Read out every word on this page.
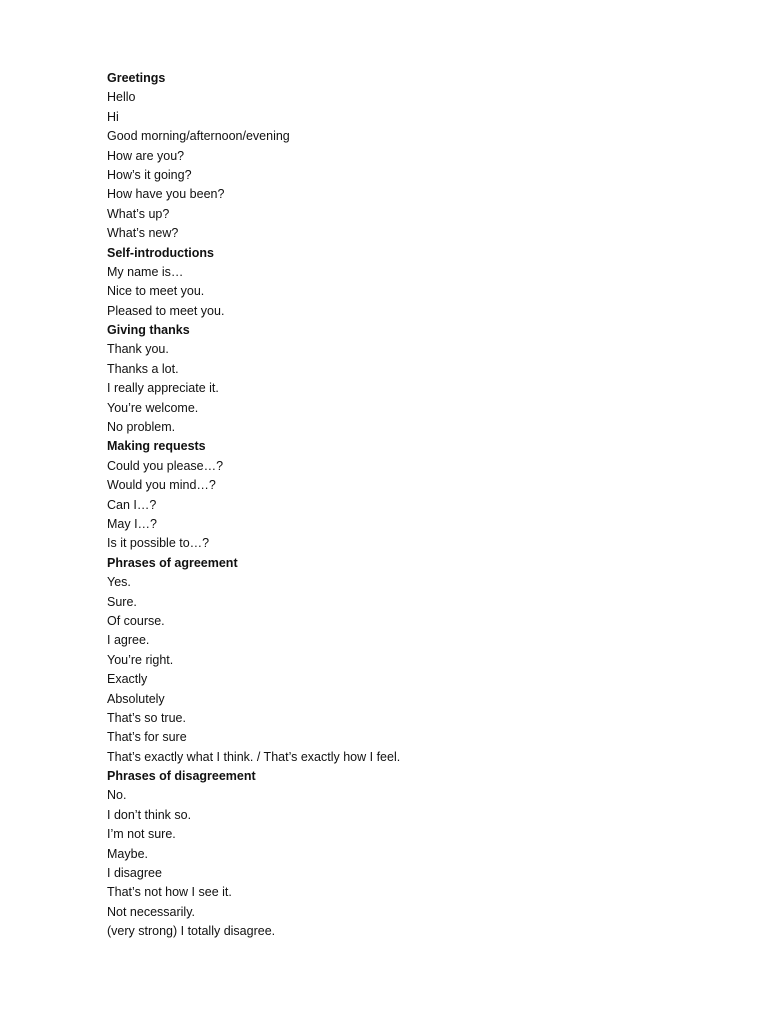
Greetings
Hello
Hi
Good morning/afternoon/evening
How are you?
How’s it going?
How have you been?
What’s up?
What’s new?
Self-introductions
My name is…
Nice to meet you.
Pleased to meet you.
Giving thanks
Thank you.
Thanks a lot.
I really appreciate it.
You’re welcome.
No problem.
Making requests
Could you please…?
Would you mind…?
Can I…?
May I…?
Is it possible to…?
Phrases of agreement
Yes.
Sure.
Of course.
I agree.
You’re right.
Exactly
Absolutely
That’s so true.
That’s for sure
That’s exactly what I think. / That’s exactly how I feel.
Phrases of disagreement
No.
I don’t think so.
I’m not sure.
Maybe.
I disagree
That’s not how I see it.
Not necessarily.
(very strong) I totally disagree.
